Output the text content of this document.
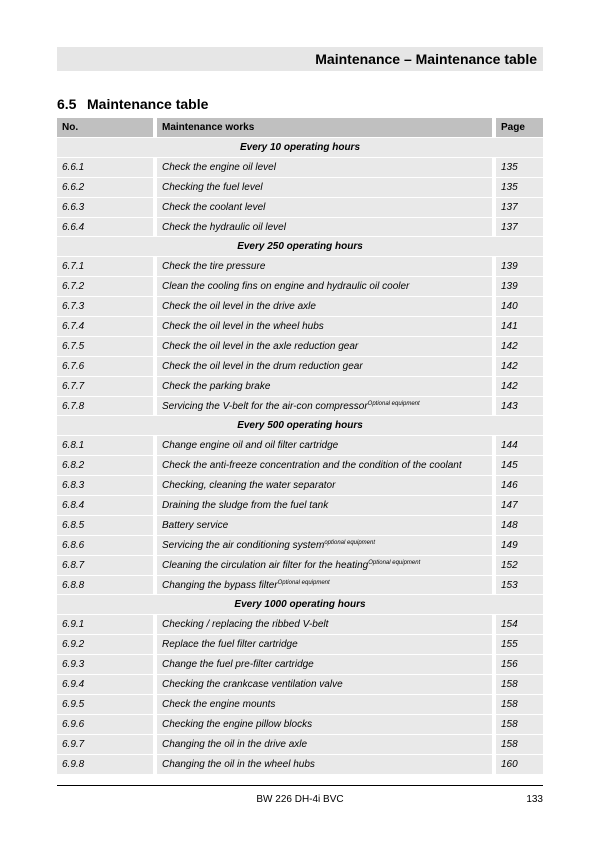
Maintenance – Maintenance table
6.5 Maintenance table
No.	Maintenance works	Page
Every 10 operating hours		
6.6.1	Check the engine oil level	135
6.6.2	Checking the fuel level	135
6.6.3	Check the coolant level	137
6.6.4	Check the hydraulic oil level	137
Every 250 operating hours		
6.7.1	Check the tire pressure	139
6.7.2	Clean the cooling fins on engine and hydraulic oil cooler	139
6.7.3	Check the oil level in the drive axle	140
6.7.4	Check the oil level in the wheel hubs	141
6.7.5	Check the oil level in the axle reduction gear	142
6.7.6	Check the oil level in the drum reduction gear	142
6.7.7	Check the parking brake	142
6.7.8	Servicing the V-belt for the air-con compressor$^{Optional equipment}$	143
Every 500 operating hours		
6.8.1	Change engine oil and oil filter cartridge	144
6.8.2	Check the anti-freeze concentration and the condition of the coolant	145
6.8.3	Checking, cleaning the water separator	146
6.8.4	Draining the sludge from the fuel tank	147
6.8.5	Battery service	148
6.8.6	Servicing the air conditioning system$^{optional equipment}$	149
6.8.7	Cleaning the circulation air filter for the heating$^{Optional equipment}$	152
6.8.8	Changing the bypass filter$^{Optional equipment}$	153
Every 1000 operating hours		
6.9.1	Checking / replacing the ribbed V-belt	154
6.9.2	Replace the fuel filter cartridge	155
6.9.3	Change the fuel pre-filter cartridge	156
6.9.4	Checking the crankcase ventilation valve	158
6.9.5	Check the engine mounts	158
6.9.6	Checking the engine pillow blocks	158
6.9.7	Changing the oil in the drive axle	158
6.9.8	Changing the oil in the wheel hubs	160
BW 226 DH-4i BVC	133
